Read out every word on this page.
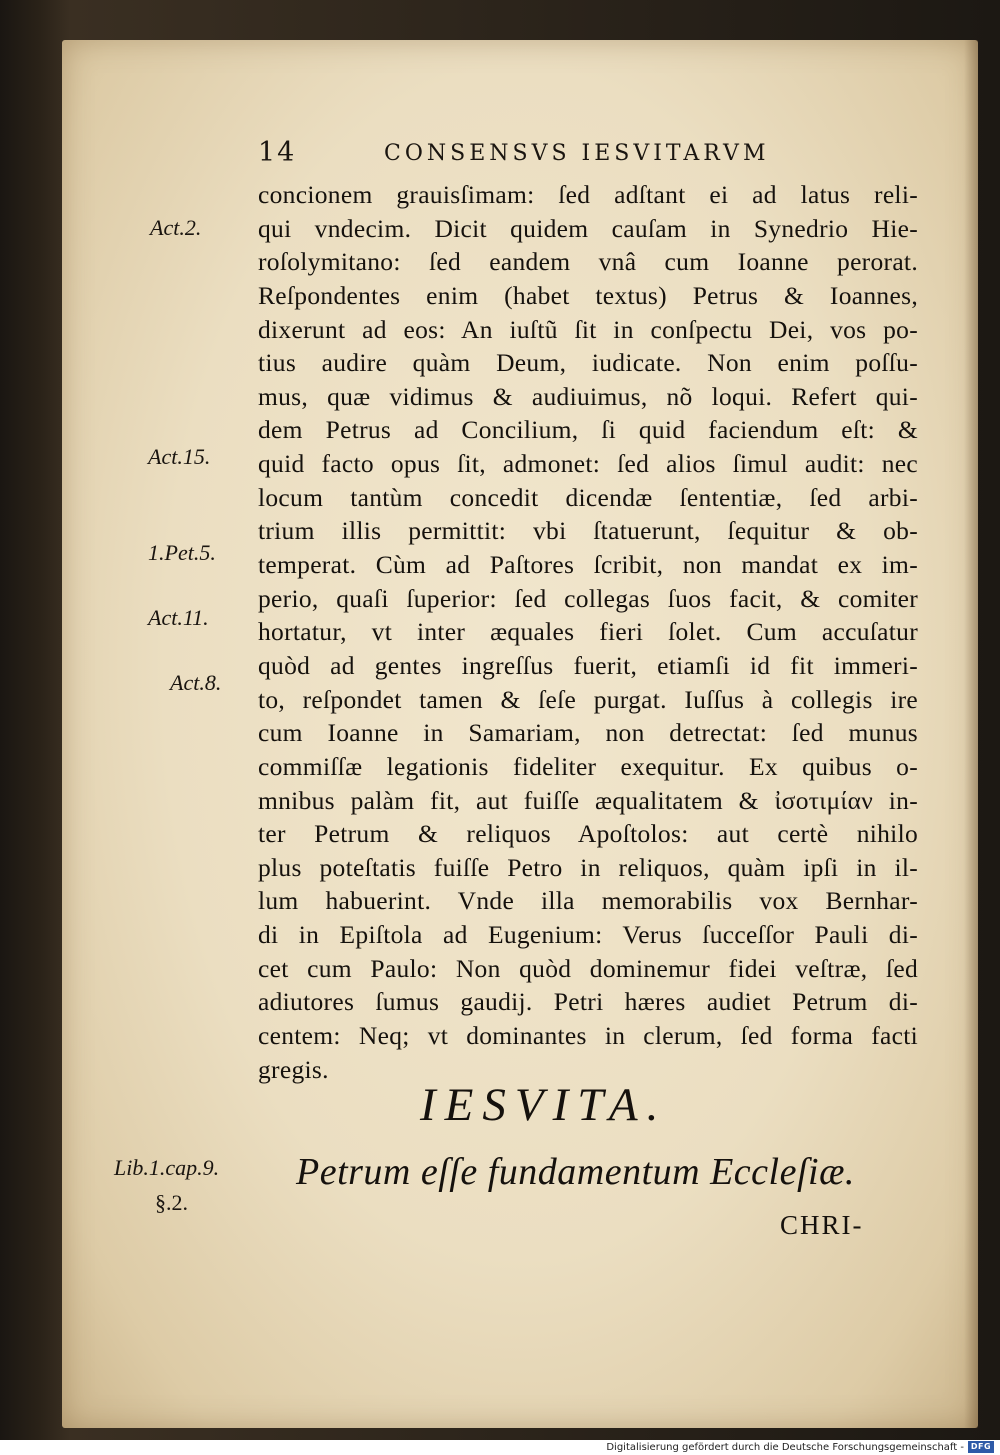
14	CONSENSVS IESVITARVM
concionem grauisſimam: ſed adſtant ei ad latus reli-
qui vndecim. Dicit quidem cauſam in Synedrio Hie-
roſolymitano: ſed eandem vnâ cum Ioanne perorat.
Reſpondentes enim (habet textus) Petrus & Ioannes,
dixerunt ad eos: An iuſtũ ſit in conſpectu Dei, vos po-
tius audire quàm Deum, iudicate. Non enim poſſu-
mus, quæ vidimus & audiuimus, nõ loqui. Refert qui-
dem Petrus ad Concilium, ſi quid faciendum eſt: &
quid facto opus ſit, admonet: ſed alios ſimul audit: nec
locum tantùm concedit dicendæ ſententiæ, ſed arbi-
trium illis permittit: vbi ſtatuerunt, ſequitur & ob-
temperat. Cùm ad Paſtores ſcribit, non mandat ex im-
perio, quaſi ſuperior: ſed collegas ſuos facit, & comiter
hortatur, vt inter æquales fieri ſolet. Cum accuſatur
quòd ad gentes ingreſſus fuerit, etiamſi id fit immeri-
to, reſpondet tamen & ſeſe purgat. Iuſſus à collegis ire
cum Ioanne in Samariam, non detrectat: ſed munus
commiſſæ legationis fideliter exequitur. Ex quibus o-
mnibus palàm fit, aut fuiſſe æqualitatem & ἰσοτιμίαν in-
ter Petrum & reliquos Apoſtolos: aut certè nihilo
plus poteſtatis fuiſſe Petro in reliquos, quàm ipſi in il-
lum habuerint. Vnde illa memorabilis vox Bernhar-
di in Epiſtola ad Eugenium: Verus ſucceſſor Pauli di-
cet cum Paulo: Non quòd dominemur fidei veſtræ, ſed
adiutores ſumus gaudij. Petri hæres audiet Petrum di-
centem: Neq; vt dominantes in clerum, ſed forma facti
gregis.
Act.2.
Act.15.
1.Pet.5.
Act.11.
Act.8.
Lib.1.cap.9.
§.2.
IESVITA.
Petrum eſſe fundamentum Eccleſiæ.
CHRI-
Digitalisierung gefördert durch die Deutsche Forschungsgemeinschaft - DFG
